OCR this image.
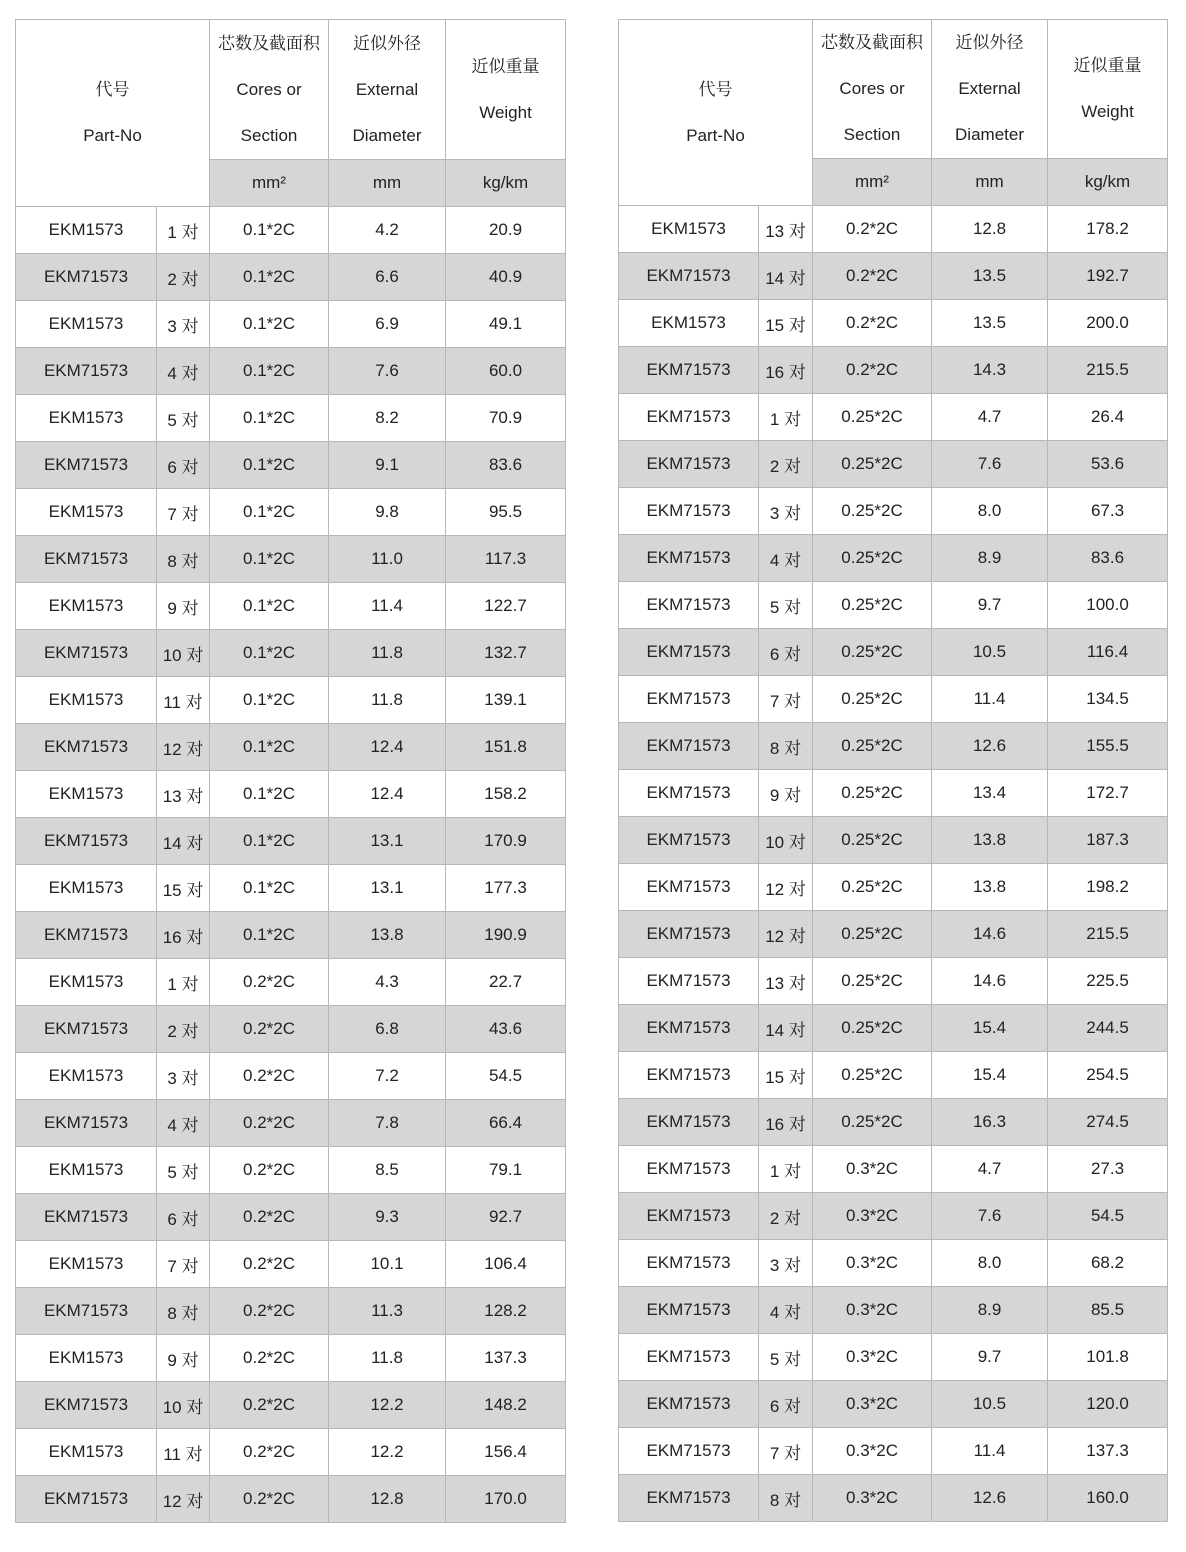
代号
Part-No		芯数及截面积
Cores or
Section	近似外径
External
Diameter	近似重量
Weight

		mm²	mm	kg/km
EKM1573	1 对	0.1*2C	4.2	20.9
EKM71573	2 对	0.1*2C	6.6	40.9
EKM1573	3 对	0.1*2C	6.9	49.1
EKM71573	4 对	0.1*2C	7.6	60.0
EKM1573	5 对	0.1*2C	8.2	70.9
EKM71573	6 对	0.1*2C	9.1	83.6
EKM1573	7 对	0.1*2C	9.8	95.5
EKM71573	8 对	0.1*2C	11.0	117.3
EKM1573	9 对	0.1*2C	11.4	122.7
EKM71573	10 对	0.1*2C	11.8	132.7
EKM1573	11 对	0.1*2C	11.8	139.1
EKM71573	12 对	0.1*2C	12.4	151.8
EKM1573	13 对	0.1*2C	12.4	158.2
EKM71573	14 对	0.1*2C	13.1	170.9
EKM1573	15 对	0.1*2C	13.1	177.3
EKM71573	16 对	0.1*2C	13.8	190.9
EKM1573	1 对	0.2*2C	4.3	22.7
EKM71573	2 对	0.2*2C	6.8	43.6
EKM1573	3 对	0.2*2C	7.2	54.5
EKM71573	4 对	0.2*2C	7.8	66.4
EKM1573	5 对	0.2*2C	8.5	79.1
EKM71573	6 对	0.2*2C	9.3	92.7
EKM1573	7 对	0.2*2C	10.1	106.4
EKM71573	8 对	0.2*2C	11.3	128.2
EKM1573	9 对	0.2*2C	11.8	137.3
EKM71573	10 对	0.2*2C	12.2	148.2
EKM1573	11 对	0.2*2C	12.2	156.4
EKM71573	12 对	0.2*2C	12.8	170.0
代号
Part-No		芯数及截面积
Cores or
Section	近似外径
External
Diameter	近似重量
Weight

		mm²	mm	kg/km
EKM1573	13 对	0.2*2C	12.8	178.2
EKM71573	14 对	0.2*2C	13.5	192.7
EKM1573	15 对	0.2*2C	13.5	200.0
EKM71573	16 对	0.2*2C	14.3	215.5
EKM71573	1 对	0.25*2C	4.7	26.4
EKM71573	2 对	0.25*2C	7.6	53.6
EKM71573	3 对	0.25*2C	8.0	67.3
EKM71573	4 对	0.25*2C	8.9	83.6
EKM71573	5 对	0.25*2C	9.7	100.0
EKM71573	6 对	0.25*2C	10.5	116.4
EKM71573	7 对	0.25*2C	11.4	134.5
EKM71573	8 对	0.25*2C	12.6	155.5
EKM71573	9 对	0.25*2C	13.4	172.7
EKM71573	10 对	0.25*2C	13.8	187.3
EKM71573	12 对	0.25*2C	13.8	198.2
EKM71573	12 对	0.25*2C	14.6	215.5
EKM71573	13 对	0.25*2C	14.6	225.5
EKM71573	14 对	0.25*2C	15.4	244.5
EKM71573	15 对	0.25*2C	15.4	254.5
EKM71573	16 对	0.25*2C	16.3	274.5
EKM71573	1 对	0.3*2C	4.7	27.3
EKM71573	2 对	0.3*2C	7.6	54.5
EKM71573	3 对	0.3*2C	8.0	68.2
EKM71573	4 对	0.3*2C	8.9	85.5
EKM71573	5 对	0.3*2C	9.7	101.8
EKM71573	6 对	0.3*2C	10.5	120.0
EKM71573	7 对	0.3*2C	11.4	137.3
EKM71573	8 对	0.3*2C	12.6	160.0
